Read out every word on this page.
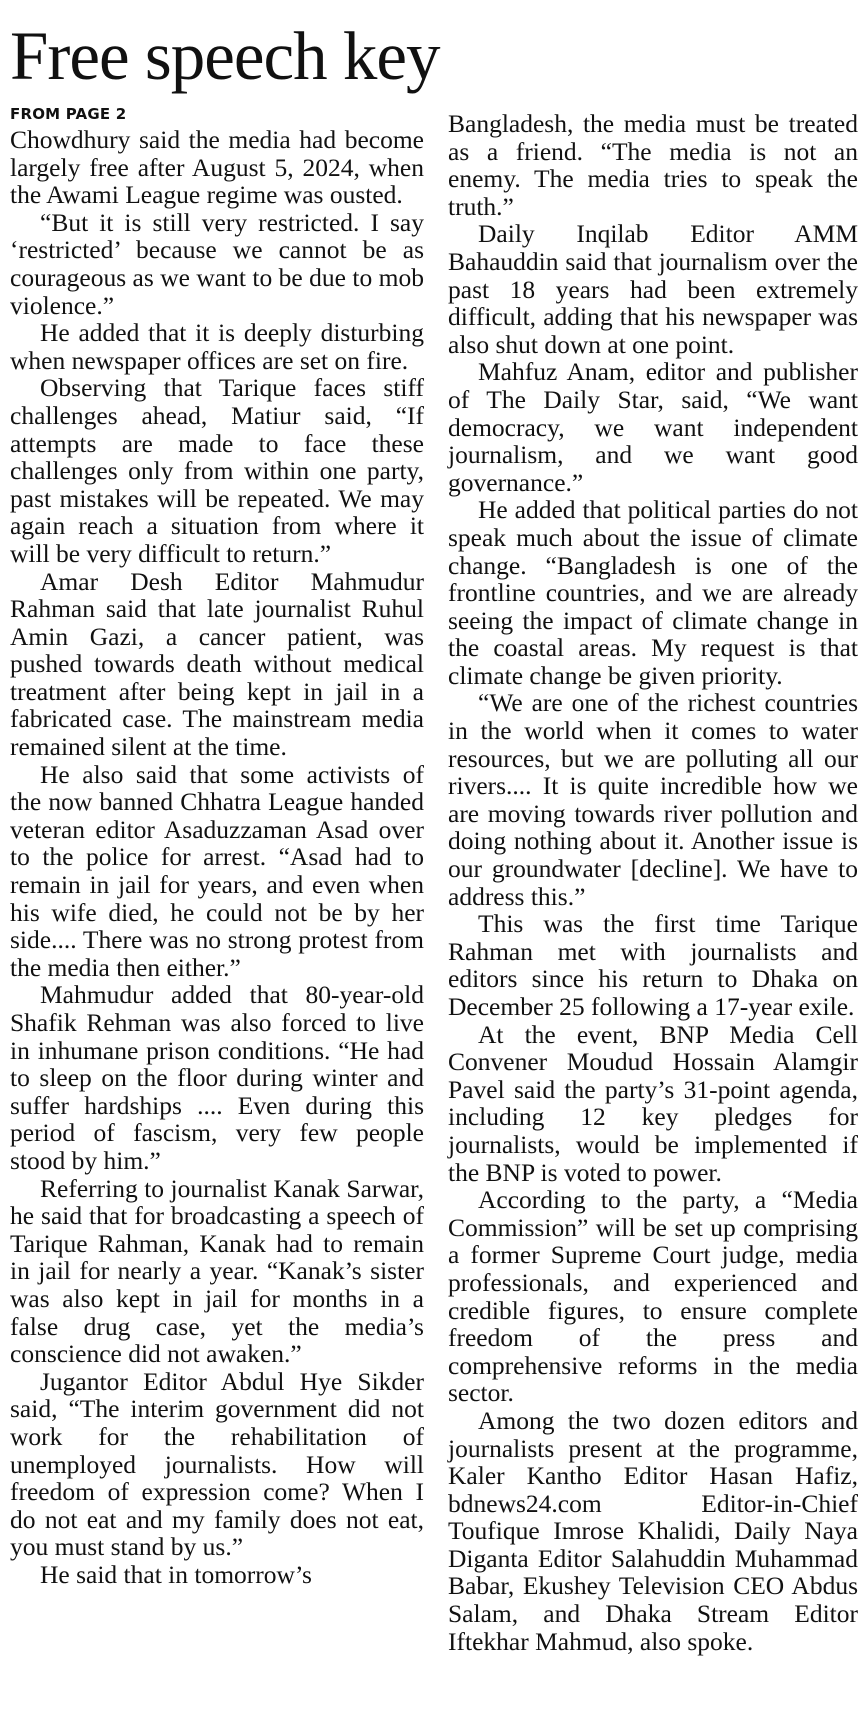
Free speech key
FROM PAGE 2

Chowdhury said the media had become largely free after August 5, 2024, when the Awami League regime was ousted.

“But it is still very restricted. I say ‘restricted’ because we cannot be as courageous as we want to be due to mob violence.”

He added that it is deeply disturbing when newspaper offices are set on fire.

Observing that Tarique faces stiff challenges ahead, Matiur said, “If attempts are made to face these challenges only from within one party, past mistakes will be repeated. We may again reach a situation from where it will be very difficult to return.”

Amar Desh Editor Mahmudur Rahman said that late journalist Ruhul Amin Gazi, a cancer patient, was pushed towards death without medical treatment after being kept in jail in a fabricated case. The mainstream media remained silent at the time.

He also said that some activists of the now banned Chhatra League handed veteran editor Asaduzzaman Asad over to the police for arrest. “Asad had to remain in jail for years, and even when his wife died, he could not be by her side.... There was no strong protest from the media then either.”

Mahmudur added that 80-year-old Shafik Rehman was also forced to live in inhumane prison conditions. “He had to sleep on the floor during winter and suffer hardships .... Even during this period of fascism, very few people stood by him.”

Referring to journalist Kanak Sarwar, he said that for broadcasting a speech of Tarique Rahman, Kanak had to remain in jail for nearly a year. “Kanak’s sister was also kept in jail for months in a false drug case, yet the media’s conscience did not awaken.”

Jugantor Editor Abdul Hye Sikder said, “The interim government did not work for the rehabilitation of unemployed journalists. How will freedom of expression come? When I do not eat and my family does not eat, you must stand by us.”

He said that in tomorrow’s

Bangladesh, the media must be treated as a friend. “The media is not an enemy. The media tries to speak the truth.”

Daily Inqilab Editor AMM Bahauddin said that journalism over the past 18 years had been extremely difficult, adding that his newspaper was also shut down at one point.

Mahfuz Anam, editor and publisher of The Daily Star, said, “We want democracy, we want independent journalism, and we want good governance.”

He added that political parties do not speak much about the issue of climate change. “Bangladesh is one of the frontline countries, and we are already seeing the impact of climate change in the coastal areas. My request is that climate change be given priority.

“We are one of the richest countries in the world when it comes to water resources, but we are polluting all our rivers.... It is quite incredible how we are moving towards river pollution and doing nothing about it. Another issue is our groundwater [decline]. We have to address this.”

This was the first time Tarique Rahman met with journalists and editors since his return to Dhaka on December 25 following a 17-year exile.

At the event, BNP Media Cell Convener Moudud Hossain Alamgir Pavel said the party’s 31-point agenda, including 12 key pledges for journalists, would be implemented if the BNP is voted to power.

According to the party, a “Media Commission” will be set up comprising a former Supreme Court judge, media professionals, and experienced and credible figures, to ensure complete freedom of the press and comprehensive reforms in the media sector.

Among the two dozen editors and journalists present at the programme, Kaler Kantho Editor Hasan Hafiz, bdnews24.com Editor-in-Chief Toufique Imrose Khalidi, Daily Naya Diganta Editor Salahuddin Muhammad Babar, Ekushey Television CEO Abdus Salam, and Dhaka Stream Editor Iftekhar Mahmud, also spoke.
